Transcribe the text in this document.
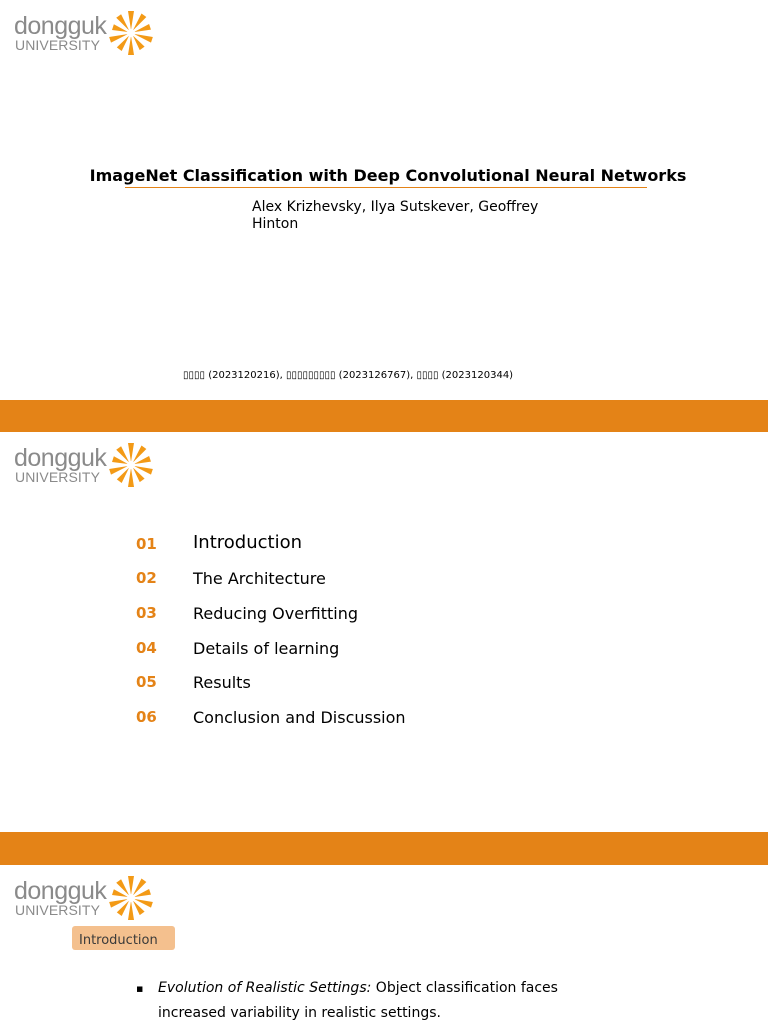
dongguk
UNIVERSITY
ImageNet Classification with Deep Convolutional Neural Networks
Alex Krizhevsky, Ilya Sutskever, Geoffrey Hinton
▯▯▯▯ (2023120216), ▯▯▯▯▯▯▯▯▯ (2023126767), ▯▯▯▯ (2023120344)
dongguk
UNIVERSITY
01	Introduction
02	The Architecture
03	Reducing Overfitting
04	Details of learning
05	Results
06	Conclusion and Discussion
dongguk
UNIVERSITY
Introduction
▪ Evolution of Realistic Settings: Object classification faces increased variability in realistic settings.
